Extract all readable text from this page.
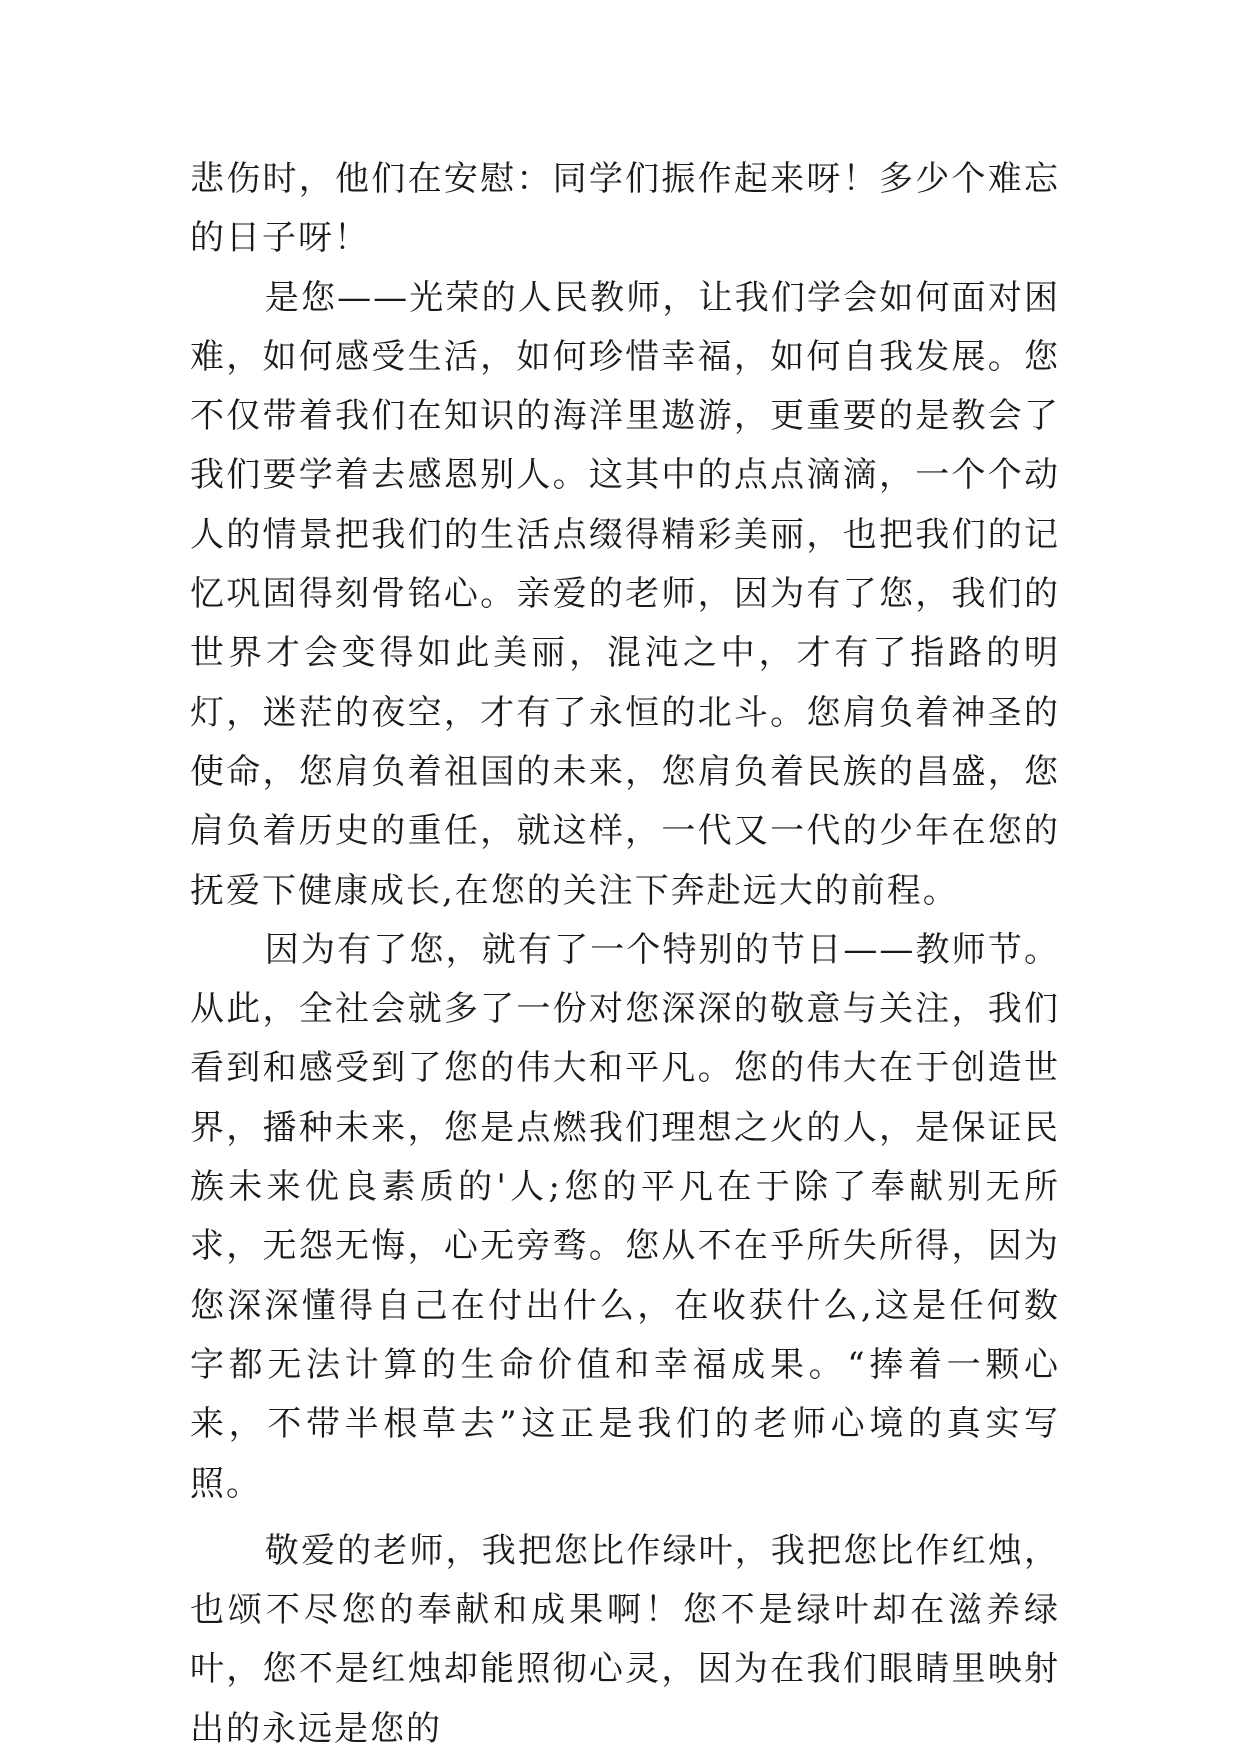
悲伤时，他们在安慰：同学们振作起来呀！多少个难忘的日子呀！

是您——光荣的人民教师，让我们学会如何面对困难，如何感受生活，如何珍惜幸福，如何自我发展。您不仅带着我们在知识的海洋里遨游，更重要的是教会了我们要学着去感恩别人。这其中的点点滴滴，一个个动人的情景把我们的生活点缀得精彩美丽，也把我们的记忆巩固得刻骨铭心。亲爱的老师，因为有了您，我们的世界才会变得如此美丽，混沌之中，才有了指路的明灯，迷茫的夜空，才有了永恒的北斗。您肩负着神圣的使命，您肩负着祖国的未来，您肩负着民族的昌盛，您肩负着历史的重任，就这样，一代又一代的少年在您的抚爱下健康成长,在您的关注下奔赴远大的前程。

因为有了您，就有了一个特别的节日——教师节。从此，全社会就多了一份对您深深的敬意与关注，我们看到和感受到了您的伟大和平凡。您的伟大在于创造世界，播种未来，您是点燃我们理想之火的人，是保证民族未来优良素质的'人;您的平凡在于除了奉献别无所求，无怨无悔，心无旁骛。您从不在乎所失所得，因为您深深懂得自己在付出什么，在收获什么,这是任何数字都无法计算的生命价值和幸福成果。“捧着一颗心来，不带半根草去”这正是我们的老师心境的真实写照。

敬爱的老师，我把您比作绿叶，我把您比作红烛，也颂不尽您的奉献和成果啊！您不是绿叶却在滋养绿叶，您不是红烛却能照彻心灵，因为在我们眼睛里映射出的永远是您的
